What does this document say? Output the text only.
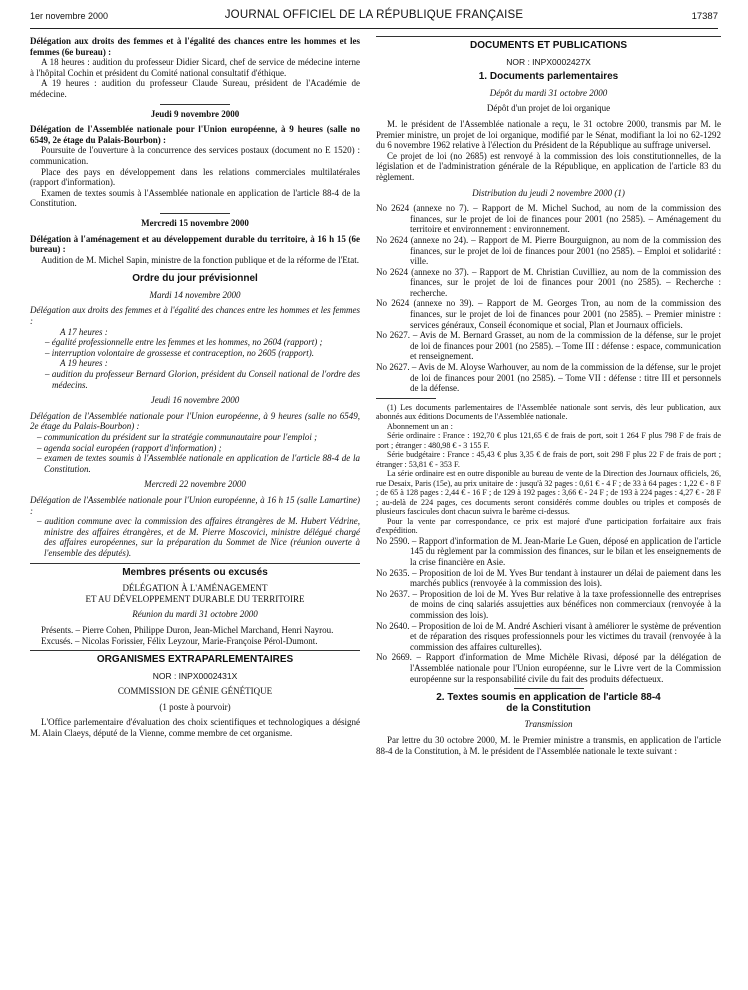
1er novembre 2000	JOURNAL OFFICIEL DE LA RÉPUBLIQUE FRANÇAISE	17387

Délégation aux droits des femmes et à l'égalité des chances entre les hommes et les femmes (6e bureau) :

A 18 heures : audition du professeur Didier Sicard, chef de service de médecine interne à l'hôpital Cochin et président du Comité national consultatif d'éthique.

A 19 heures : audition du professeur Claude Sureau, président de l'Académie de médecine.

Jeudi 9 novembre 2000

Délégation de l'Assemblée nationale pour l'Union européenne, à 9 heures (salle no 6549, 2e étage du Palais-Bourbon) :

Poursuite de l'ouverture à la concurrence des services postaux (document no E 1520) : communication.

Place des pays en développement dans les relations commerciales multilatérales (rapport d'information).

Examen de textes soumis à l'Assemblée nationale en application de l'article 88-4 de la Constitution.

Mercredi 15 novembre 2000

Délégation à l'aménagement et au développement durable du territoire, à 16 h 15 (6e bureau) :

Audition de M. Michel Sapin, ministre de la fonction publique et de la réforme de l'Etat.

Ordre du jour prévisionnel

Mardi 14 novembre 2000

Délégation aux droits des femmes et à l'égalité des chances entre les hommes et les femmes :

A 17 heures :

– égalité professionnelle entre les femmes et les hommes, no 2604 (rapport) ;

– interruption volontaire de grossesse et contraception, no 2605 (rapport).

A 19 heures :

– audition du professeur Bernard Glorion, président du Conseil national de l'ordre des médecins.

Jeudi 16 novembre 2000

Délégation de l'Assemblée nationale pour l'Union européenne, à 9 heures (salle no 6549, 2e étage du Palais-Bourbon) :

– communication du président sur la stratégie communautaire pour l'emploi ;

– agenda social européen (rapport d'information) ;

– examen de textes soumis à l'Assemblée nationale en application de l'article 88-4 de la Constitution.

Mercredi 22 novembre 2000

Délégation de l'Assemblée nationale pour l'Union européenne, à 16 h 15 (salle Lamartine) :

– audition commune avec la commission des affaires étrangères de M. Hubert Védrine, ministre des affaires étrangères, et de M. Pierre Moscovici, ministre délégué chargé des affaires européennes, sur la préparation du Sommet de Nice (réunion ouverte à l'ensemble des députés).

Membres présents ou excusés

DÉLÉGATION À L'AMÉNAGEMENT

ET AU DÉVELOPPEMENT DURABLE DU TERRITOIRE

Réunion du mardi 31 octobre 2000

Présents. – Pierre Cohen, Philippe Duron, Jean-Michel Marchand, Henri Nayrou.

Excusés. – Nicolas Forissier, Félix Leyzour, Marie-Françoise Pérol-Dumont.

ORGANISMES EXTRAPARLEMENTAIRES

NOR : INPX0002431X

COMMISSION DE GÉNIE GÉNÉTIQUE

(1 poste à pourvoir)

L'Office parlementaire d'évaluation des choix scientifiques et technologiques a désigné M. Alain Claeys, député de la Vienne, comme membre de cet organisme.

DOCUMENTS ET PUBLICATIONS

NOR : INPX0002427X

1. Documents parlementaires

Dépôt du mardi 31 octobre 2000

Dépôt d'un projet de loi organique

M. le président de l'Assemblée nationale a reçu, le 31 octobre 2000, transmis par M. le Premier ministre, un projet de loi organique, modifié par le Sénat, modifiant la loi no 62-1292 du 6 novembre 1962 relative à l'élection du Président de la République au suffrage universel.

Ce projet de loi (no 2685) est renvoyé à la commission des lois constitutionnelles, de la législation et de l'administration générale de la République, en application de l'article 83 du règlement.

Distribution du jeudi 2 novembre 2000 (1)

No 2624 (annexe no 7). – Rapport de M. Michel Suchod, au nom de la commission des finances, sur le projet de loi de finances pour 2001 (no 2585). – Aménagement du territoire et environnement : environnement.

No 2624 (annexe no 24). – Rapport de M. Pierre Bourguignon, au nom de la commission des finances, sur le projet de loi de finances pour 2001 (no 2585). – Emploi et solidarité : ville.

No 2624 (annexe no 37). – Rapport de M. Christian Cuvilliez, au nom de la commission des finances, sur le projet de loi de finances pour 2001 (no 2585). – Recherche : recherche.

No 2624 (annexe no 39). – Rapport de M. Georges Tron, au nom de la commission des finances, sur le projet de loi de finances pour 2001 (no 2585). – Premier ministre : services généraux, Conseil économique et social, Plan et Journaux officiels.

No 2627. – Avis de M. Bernard Grasset, au nom de la commission de la défense, sur le projet de loi de finances pour 2001 (no 2585). – Tome III : défense : espace, communication et renseignement.

No 2627. – Avis de M. Aloyse Warhouver, au nom de la commission de la défense, sur le projet de loi de finances pour 2001 (no 2585). – Tome VII : défense : titre III et personnels de la défense.

(1) Les documents parlementaires de l'Assemblée nationale sont servis, dès leur publication, aux abonnés aux éditions Documents de l'Assemblée nationale.

Abonnement un an :

Série ordinaire : France : 192,70 € plus 121,65 € de frais de port, soit 1 264 F plus 798 F de frais de port ; étranger : 480,98 € - 3 155 F.

Série budgétaire : France : 45,43 € plus 3,35 € de frais de port, soit 298 F plus 22 F de frais de port ; étranger : 53,81 € - 353 F.

La série ordinaire est en outre disponible au bureau de vente de la Direction des Journaux officiels, 26, rue Desaix, Paris (15e), au prix unitaire de : jusqu'à 32 pages : 0,61 € - 4 F ; de 33 à 64 pages : 1,22 € - 8 F ; de 65 à 128 pages : 2,44 € - 16 F ; de 129 à 192 pages : 3,66 € - 24 F ; de 193 à 224 pages : 4,27 € - 28 F ; au-delà de 224 pages, ces documents seront considérés comme doubles ou triples et composés de plusieurs fascicules dont chacun suivra le barème ci-dessus.

Pour la vente par correspondance, ce prix est majoré d'une participation forfaitaire aux frais d'expédition.

No 2590. – Rapport d'information de M. Jean-Marie Le Guen, déposé en application de l'article 145 du règlement par la commission des finances, sur le bilan et les enseignements de la crise financière en Asie.

No 2635. – Proposition de loi de M. Yves Bur tendant à instaurer un délai de paiement dans les marchés publics (renvoyée à la commission des lois).

No 2637. – Proposition de loi de M. Yves Bur relative à la taxe professionnelle des entreprises de moins de cinq salariés assujetties aux bénéfices non commerciaux (renvoyée à la commission des lois).

No 2640. – Proposition de loi de M. André Aschieri visant à améliorer le système de prévention et de réparation des risques professionnels pour les victimes du travail (renvoyée à la commission des affaires culturelles).

No 2669. – Rapport d'information de Mme Michèle Rivasi, déposé par la délégation de l'Assemblée nationale pour l'Union européenne, sur le Livre vert de la Commission européenne sur la responsabilité civile du fait des produits défectueux.

2. Textes soumis en application de l'article 88-4

de la Constitution

Transmission

Par lettre du 30 octobre 2000, M. le Premier ministre a transmis, en application de l'article 88-4 de la Constitution, à M. le président de l'Assemblée nationale le texte suivant :
